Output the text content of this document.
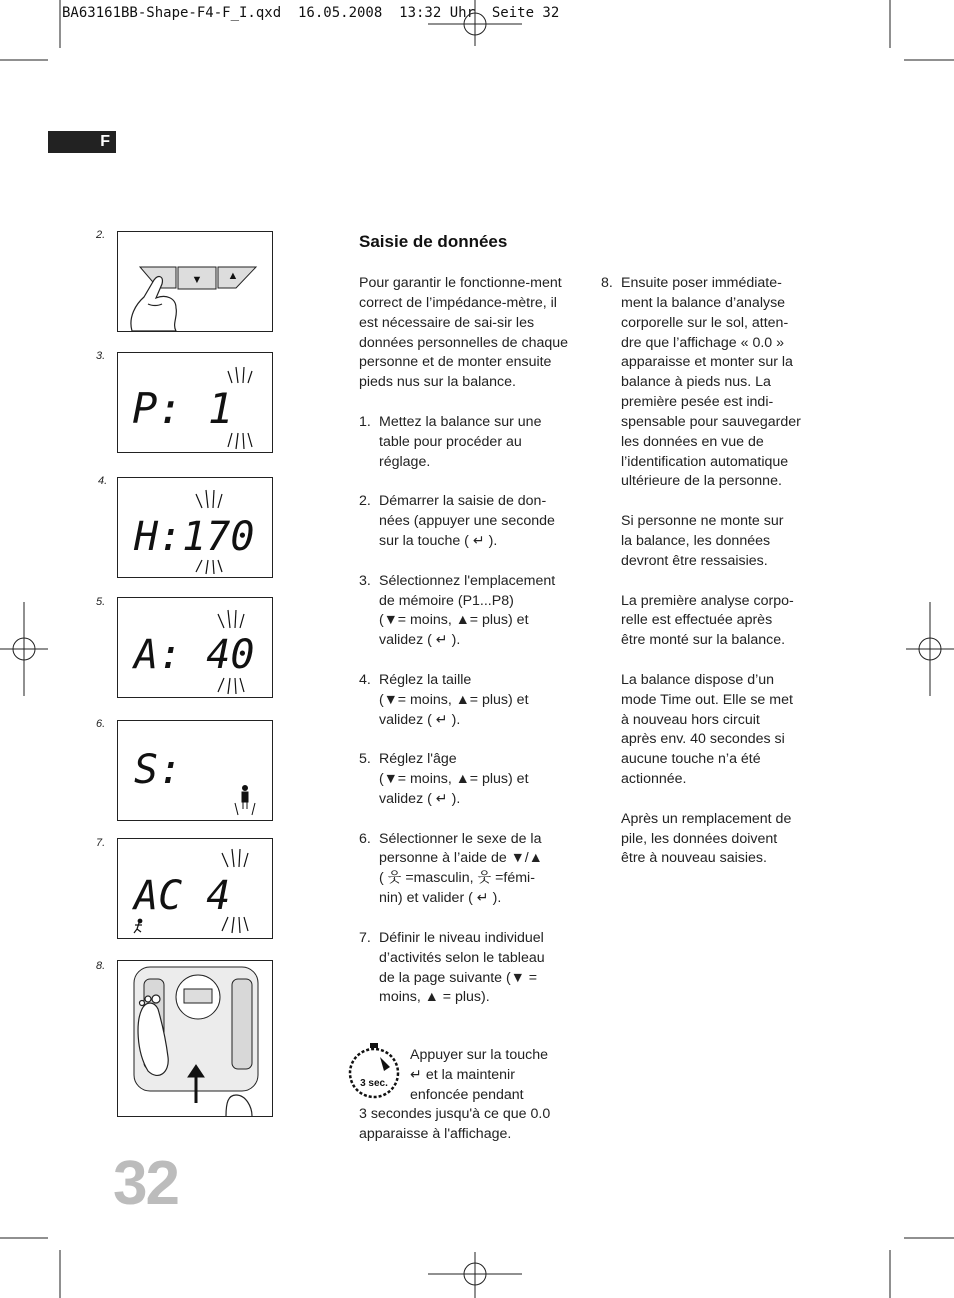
BA63161BB-Shape-F4-F_I.qxd  16.05.2008  13:32 Uhr  Seite 32
F
2.
3.
4.
5.
6.
7.
8.
▼ ▲
P: 1
H:170
A: 40
S:
AC 4
Saisie de données

Pour garantir le fonctionne-ment correct de l’impédance-mètre, il est nécessaire de sai-sir les données personnelles de chaque personne et de monter ensuite pieds nus sur la balance.

1. Mettez la balance sur une
table pour procéder au
réglage.
2. Démarrer la saisie de don-
nées (appuyer une seconde
sur la touche ( ↵ ).
3. Sélectionnez l'emplacement
de mémoire (P1...P8)
(▼= moins, ▲= plus) et
validez ( ↵ ).
4. Réglez la taille
(▼= moins, ▲= plus) et
validez ( ↵ ).
5. Réglez l'âge
(▼= moins, ▲= plus) et
validez ( ↵ ).
6. Sélectionner le sexe de la
personne à l’aide de ▼/▲
( 웃 =masculin, 웃 =fémi-
nin) et valider ( ↵ ).
7. Définir le niveau individuel
d’activités selon le tableau
de la page suivante (▼ =
moins, ▲ = plus).
3 sec.
Appuyer sur la touche
↵ et la maintenir
enfoncée pendant
3 secondes jusqu'à ce que 0.0
apparaisse à l'affichage.
8. Ensuite poser immédiate-
ment la balance d’analyse
corporelle sur le sol, atten-
dre que l’affichage « 0.0 »
apparaisse et monter sur la
balance à pieds nus. La
première pesée est indi-
spensable pour sauvegarder
les données en vue de
l’identification automatique
ultérieure de la personne.
Si personne ne monte sur
la balance, les données
devront être ressaisies.
La première analyse corpo-
relle est effectuée après
être monté sur la balance.
La balance dispose d’un
mode Time out. Elle se met
à nouveau hors circuit
après env. 40 secondes si
aucune touche n’a été
actionnée.
Après un remplacement de
pile, les données doivent
être à nouveau saisies.
32
